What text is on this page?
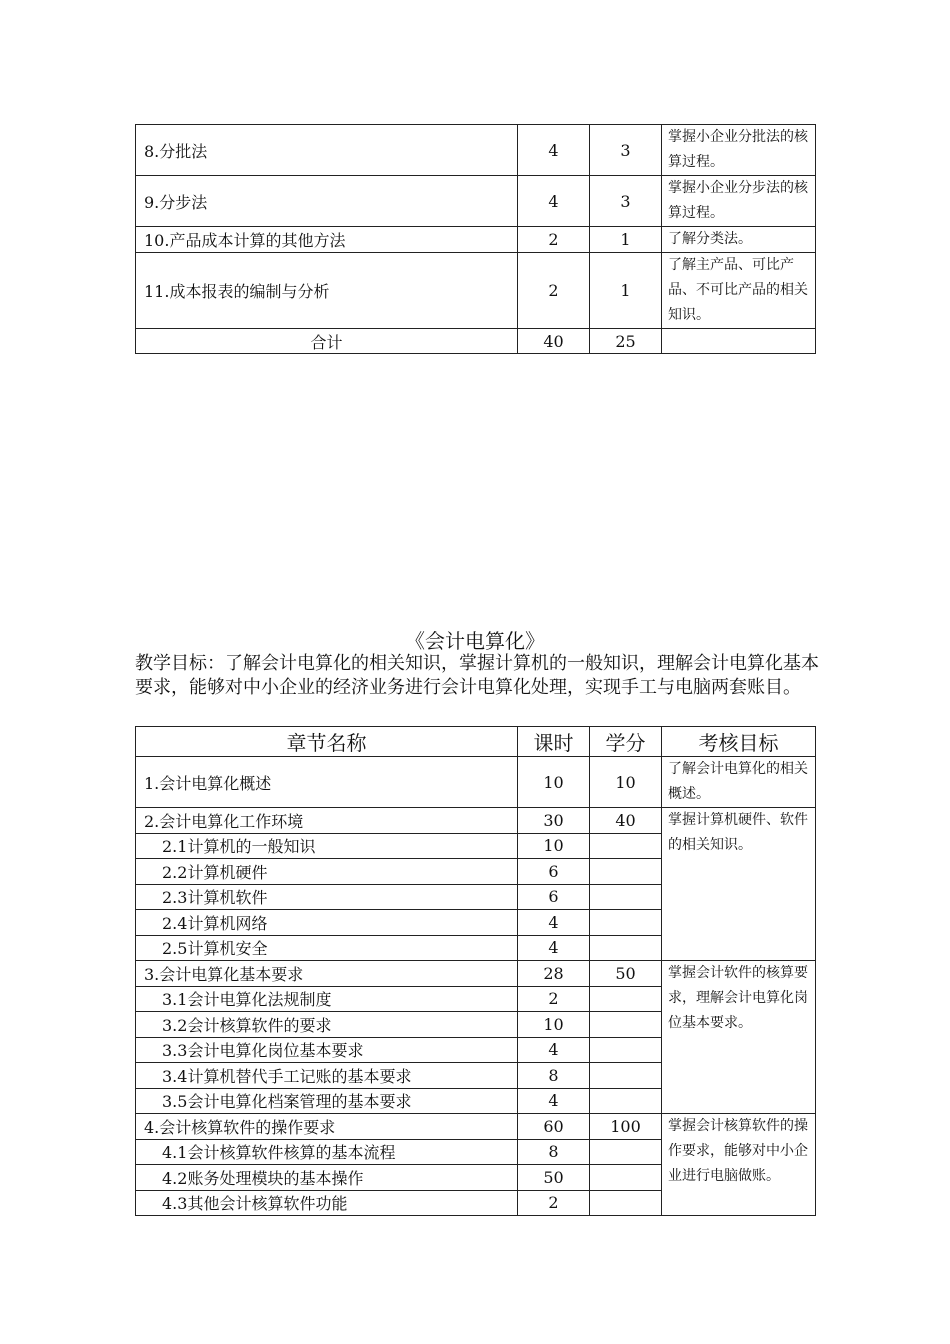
8.分批法	4	3	掌握小企业分批法的核算过程。
9.分步法	4	3	掌握小企业分步法的核算过程。
10.产品成本计算的其他方法	2	1	了解分类法。
11.成本报表的编制与分析	2	1	了解主产品、可比产品、不可比产品的相关知识。
合计	40	25	
《会计电算化》
教学目标：了解会计电算化的相关知识，掌握计算机的一般知识，理解会计电算化基本要求，能够对中小企业的经济业务进行会计电算化处理，实现手工与电脑两套账目。
章节名称	课时	学分	考核目标
1.会计电算化概述	10	10	了解会计电算化的相关概述。
2.会计电算化工作环境	30	40	掌握计算机硬件、软件的相关知识。
2.1计算机的一般知识	10		
2.2计算机硬件	6		
2.3计算机软件	6		
2.4计算机网络	4		
2.5计算机安全	4		
3.会计电算化基本要求	28	50	掌握会计软件的核算要求，理解会计电算化岗位基本要求。
3.1会计电算化法规制度	2		
3.2会计核算软件的要求	10		
3.3会计电算化岗位基本要求	4		
3.4计算机替代手工记账的基本要求	8		
3.5会计电算化档案管理的基本要求	4		
4.会计核算软件的操作要求	60	100	掌握会计核算软件的操作要求，能够对中小企业进行电脑做账。
4.1会计核算软件核算的基本流程	8		
4.2账务处理模块的基本操作	50		
4.3其他会计核算软件功能	2		
